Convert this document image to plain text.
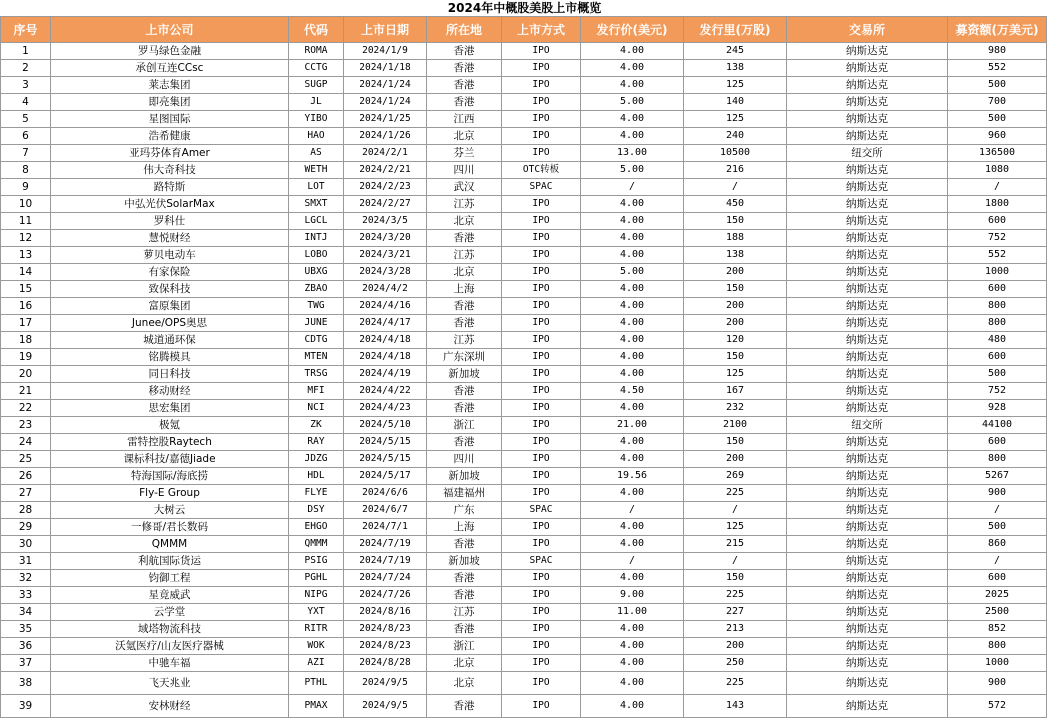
2024年中概股美股上市概览
序号	上市公司	代码	上市日期	所在地	上市方式	发行价(美元)	发行里(万股)	交易所	募资额(万美元)
1	罗马绿色金融	ROMA	2024/1/9	香港	IPO	4.00	245	纳斯达克	980
2	承创互连CCsc	CCTG	2024/1/18	香港	IPO	4.00	138	纳斯达克	552
3	莱志集团	SUGP	2024/1/24	香港	IPO	4.00	125	纳斯达克	500
4	即亮集团	JL	2024/1/24	香港	IPO	5.00	140	纳斯达克	700
5	星图国际	YIBO	2024/1/25	江西	IPO	4.00	125	纳斯达克	500
6	浩希健康	HAO	2024/1/26	北京	IPO	4.00	240	纳斯达克	960
7	亚玛芬体育Amer	AS	2024/2/1	芬兰	IPO	13.00	10500	纽交所	136500
8	伟大奇科技	WETH	2024/2/21	四川	OTC转板	5.00	216	纳斯达克	1080
9	路特斯	LOT	2024/2/23	武汉	SPAC	/	/	纳斯达克	/
10	中弘光伏SolarMax	SMXT	2024/2/27	江苏	IPO	4.00	450	纳斯达克	1800
11	罗科仕	LGCL	2024/3/5	北京	IPO	4.00	150	纳斯达克	600
12	慧悦财经	INTJ	2024/3/20	香港	IPO	4.00	188	纳斯达克	752
13	萝贝电动车	LOBO	2024/3/21	江苏	IPO	4.00	138	纳斯达克	552
14	有家保险	UBXG	2024/3/28	北京	IPO	5.00	200	纳斯达克	1000
15	致保科技	ZBAO	2024/4/2	上海	IPO	4.00	150	纳斯达克	600
16	富原集团	TWG	2024/4/16	香港	IPO	4.00	200	纳斯达克	800
17	Junee/OPS奥思	JUNE	2024/4/17	香港	IPO	4.00	200	纳斯达克	800
18	城道通环保	CDTG	2024/4/18	江苏	IPO	4.00	120	纳斯达克	480
19	铭腾模具	MTEN	2024/4/18	广东深圳	IPO	4.00	150	纳斯达克	600
20	同日科技	TRSG	2024/4/19	新加坡	IPO	4.00	125	纳斯达克	500
21	移动财经	MFI	2024/4/22	香港	IPO	4.50	167	纳斯达克	752
22	思宏集团	NCI	2024/4/23	香港	IPO	4.00	232	纳斯达克	928
23	极氪	ZK	2024/5/10	浙江	IPO	21.00	2100	纽交所	44100
24	雷特控股Raytech	RAY	2024/5/15	香港	IPO	4.00	150	纳斯达克	600
25	课标科技/嘉德Jiade	JDZG	2024/5/15	四川	IPO	4.00	200	纳斯达克	800
26	特海国际/海底捞	HDL	2024/5/17	新加坡	IPO	19.56	269	纳斯达克	5267
27	Fly-E Group	FLYE	2024/6/6	福建福州	IPO	4.00	225	纳斯达克	900
28	大树云	DSY	2024/6/7	广东	SPAC	/	/	纳斯达克	/
29	一修哥/君长数码	EHGO	2024/7/1	上海	IPO	4.00	125	纳斯达克	500
30	QMMM	QMMM	2024/7/19	香港	IPO	4.00	215	纳斯达克	860
31	利航国际货运	PSIG	2024/7/19	新加坡	SPAC	/	/	纳斯达克	/
32	钧御工程	PGHL	2024/7/24	香港	IPO	4.00	150	纳斯达克	600
33	星竟威武	NIPG	2024/7/26	香港	IPO	9.00	225	纳斯达克	2025
34	云学堂	YXT	2024/8/16	江苏	IPO	11.00	227	纳斯达克	2500
35	域塔物流科技	RITR	2024/8/23	香港	IPO	4.00	213	纳斯达克	852
36	沃氪医疗/山友医疗器械	WOK	2024/8/23	浙江	IPO	4.00	200	纳斯达克	800
37	中驰车福	AZI	2024/8/28	北京	IPO	4.00	250	纳斯达克	1000
38	飞天兆业	PTHL	2024/9/5	北京	IPO	4.00	225	纳斯达克	900
39	安林财经	PMAX	2024/9/5	香港	IPO	4.00	143	纳斯达克	572
